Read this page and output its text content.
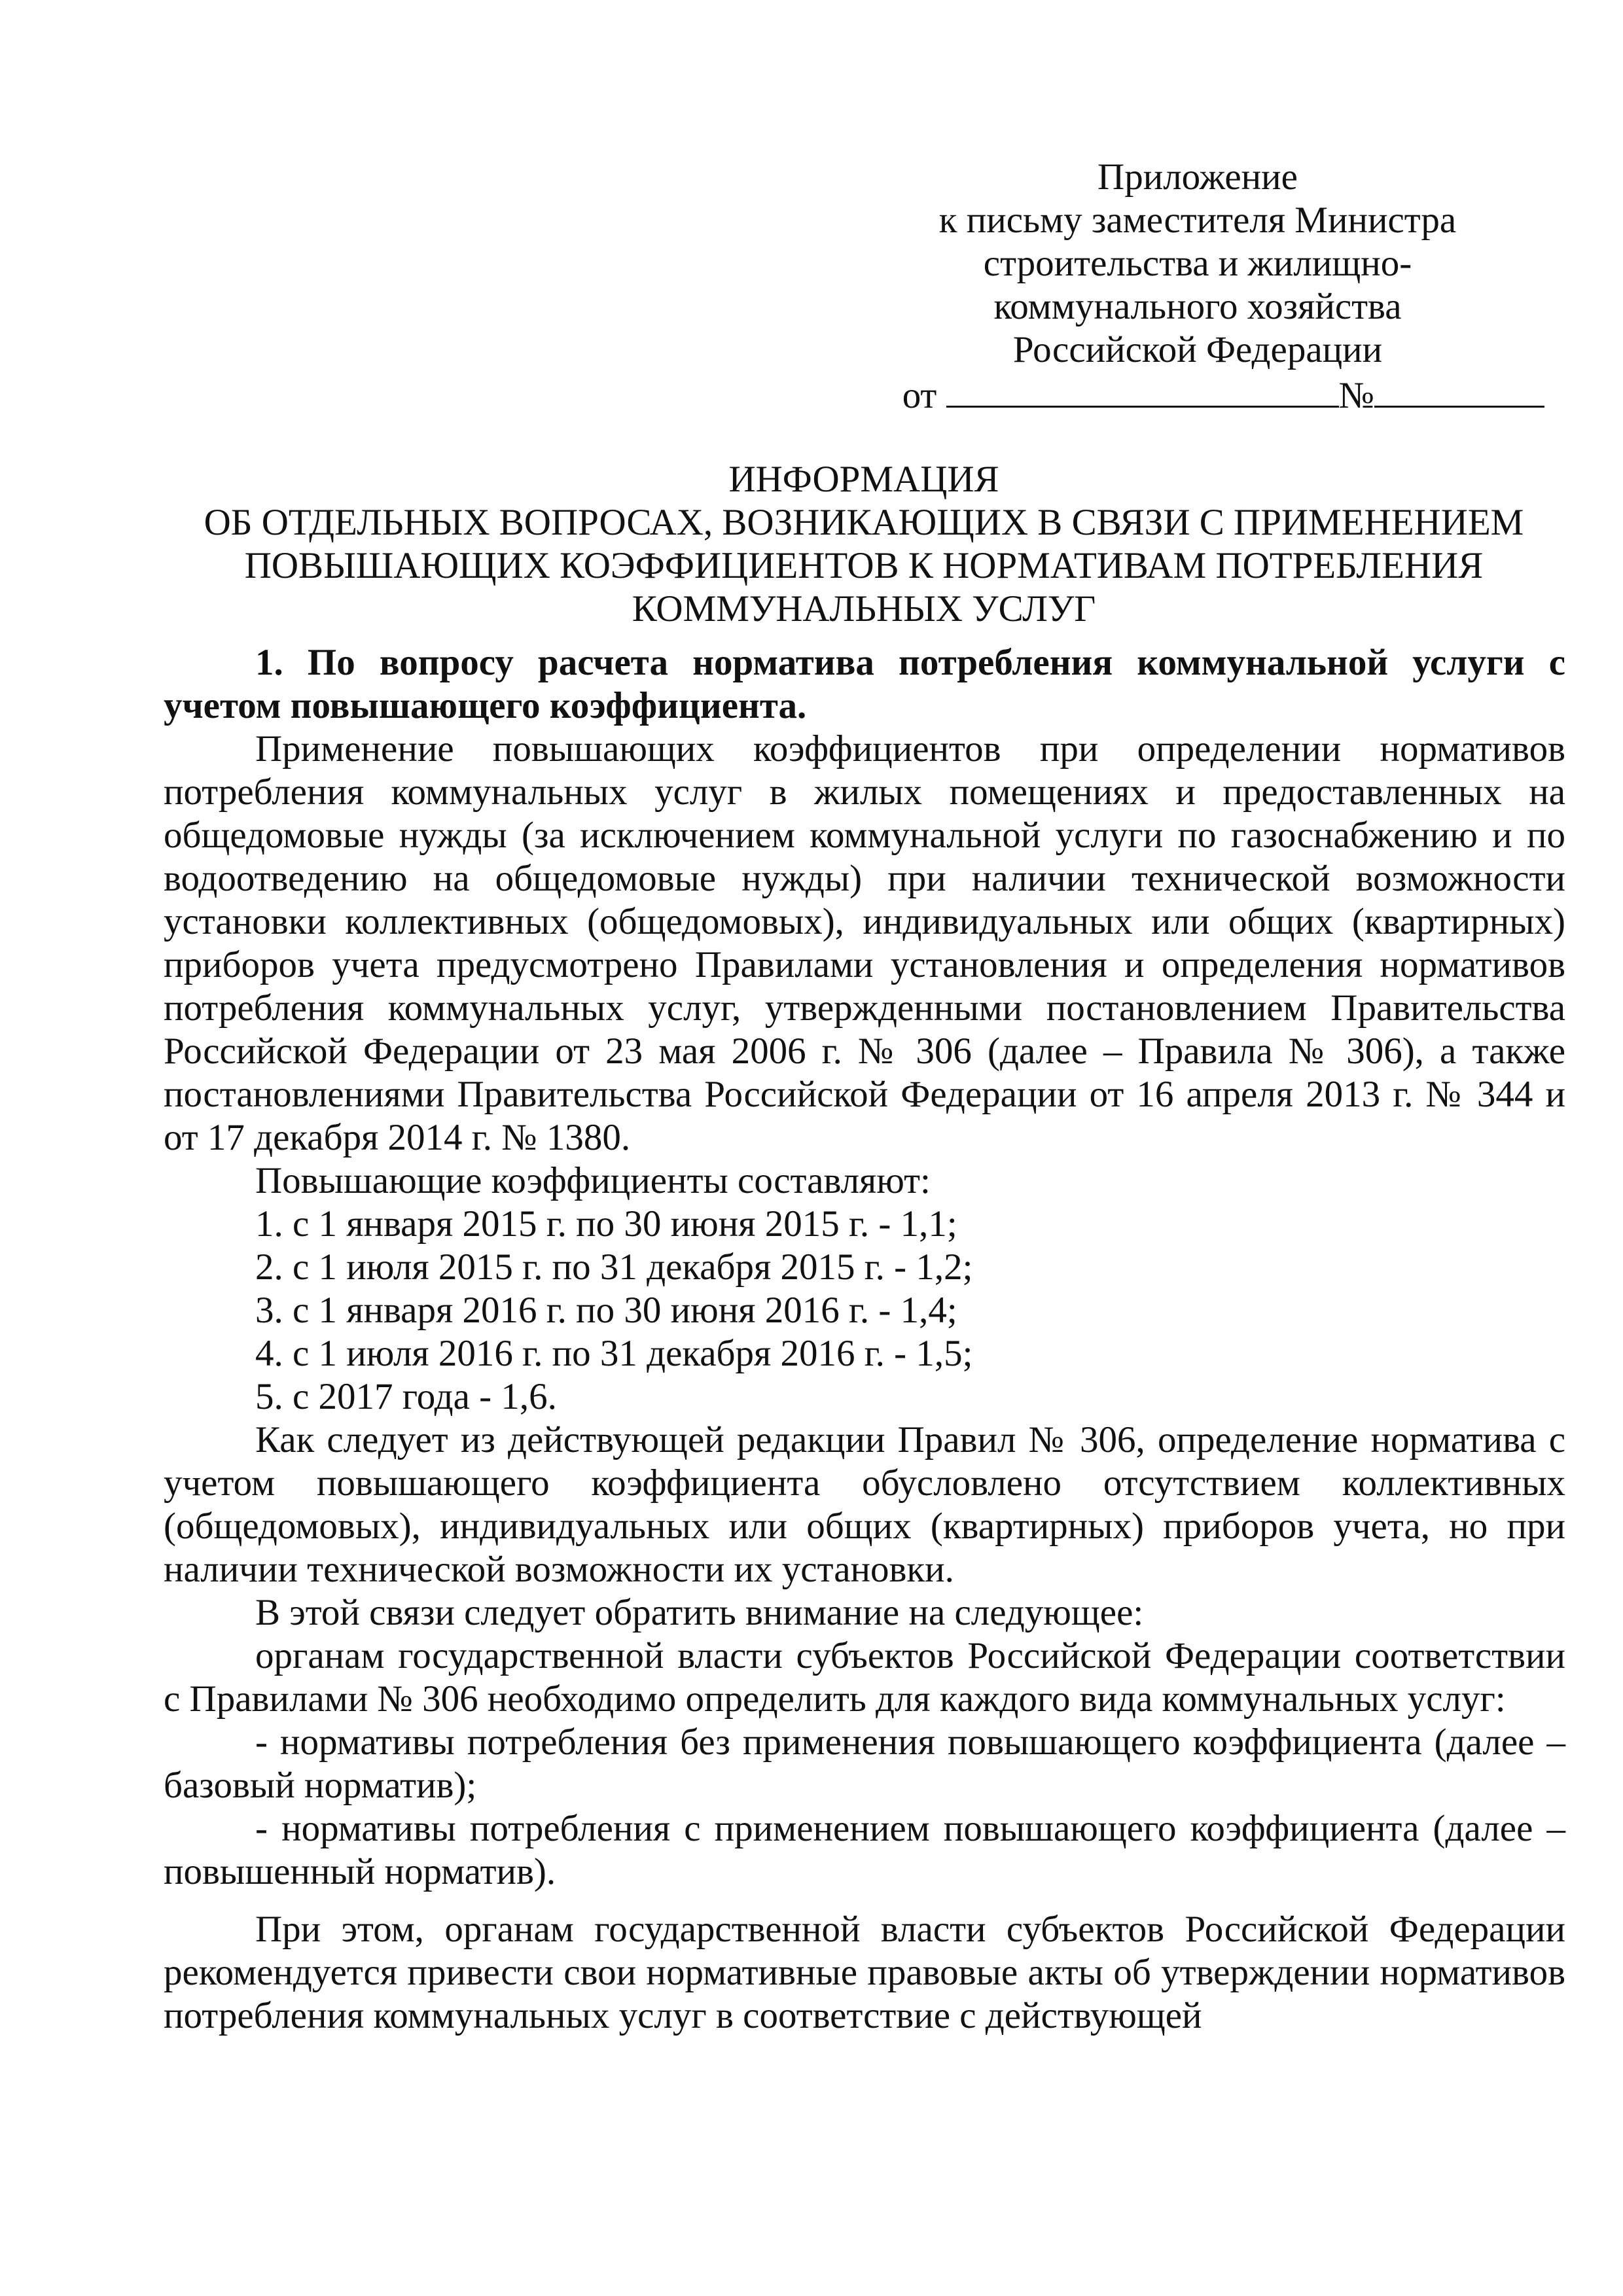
Приложение
к письму заместителя Министра
строительства и жилищно-
коммунального хозяйства
Российской Федерации
от	№
ИНФОРМАЦИЯ
ОБ ОТДЕЛЬНЫХ ВОПРОСАХ, ВОЗНИКАЮЩИХ В СВЯЗИ С ПРИМЕНЕНИЕМ
ПОВЫШАЮЩИХ КОЭФФИЦИЕНТОВ К НОРМАТИВАМ ПОТРЕБЛЕНИЯ
КОММУНАЛЬНЫХ УСЛУГ

1. По вопросу расчета норматива потребления коммунальной услуги с учетом повышающего коэффициента.

Применение повышающих коэффициентов при определении нормативов потребления коммунальных услуг в жилых помещениях и предоставленных на общедомовые нужды (за исключением коммунальной услуги по газоснабжению и по водоотведению на общедомовые нужды) при наличии технической возможности установки коллективных (общедомовых), индивидуальных или общих (квартирных) приборов учета предусмотрено Правилами установления и определения нормативов потребления коммунальных услуг, утвержденными постановлением Правительства Российской Федерации от 23 мая 2006 г. № 306 (далее – Правила № 306), а также постановлениями Правительства Российской Федерации от 16 апреля 2013 г. № 344 и от 17 декабря 2014 г. № 1380.

Повышающие коэффициенты составляют:

1. с 1 января 2015 г. по 30 июня 2015 г. - 1,1;

2. с 1 июля 2015 г. по 31 декабря 2015 г. - 1,2;

3. с 1 января 2016 г. по 30 июня 2016 г. - 1,4;

4. с 1 июля 2016 г. по 31 декабря 2016 г. - 1,5;

5. с 2017 года - 1,6.

Как следует из действующей редакции Правил № 306, определение норматива с учетом повышающего коэффициента обусловлено отсутствием коллективных (общедомовых), индивидуальных или общих (квартирных) приборов учета, но при наличии технической возможности их установки.

В этой связи следует обратить внимание на следующее:

органам государственной власти субъектов Российской Федерации соответствии с Правилами № 306 необходимо определить для каждого вида коммунальных услуг:

- нормативы потребления без применения повышающего коэффициента (далее – базовый норматив);

- нормативы потребления с применением повышающего коэффициента (далее – повышенный норматив).

При этом, органам государственной власти субъектов Российской Федерации рекомендуется привести свои нормативные правовые акты об утверждении нормативов потребления коммунальных услуг в соответствие с действующей
